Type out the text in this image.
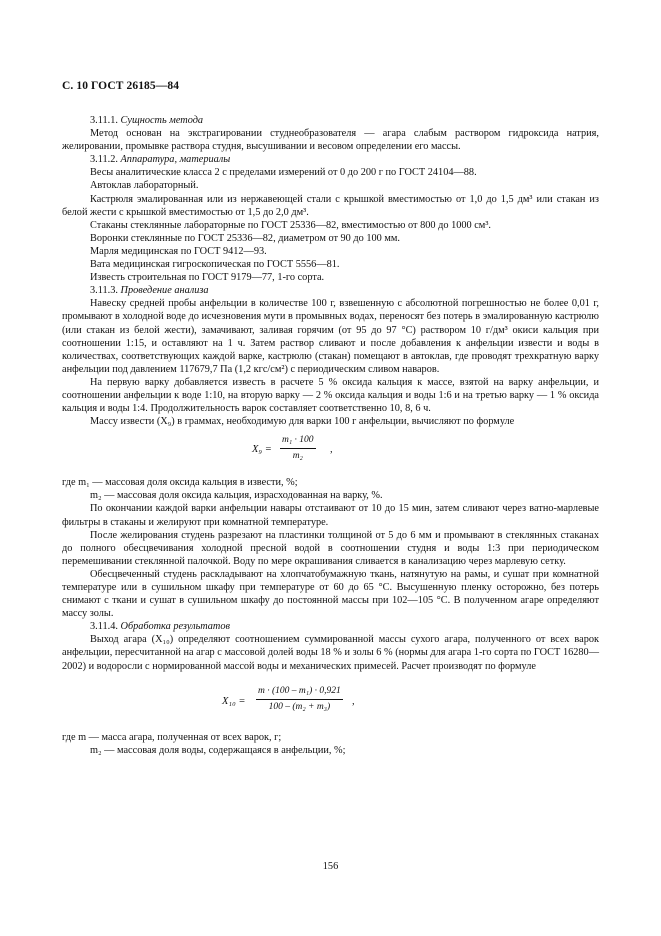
С. 10 ГОСТ 26185—84

3.11.1. Сущность метода

Метод основан на экстрагировании студнеобразователя — агара слабым раствором гидроксида натрия, желировании, промывке раствора студня, высушивании и весовом определении его массы.

3.11.2. Аппаратура, материалы

Весы аналитические класса 2 с пределами измерений от 0 до 200 г по ГОСТ 24104—88.

Автоклав лабораторный.

Кастрюля эмалированная или из нержавеющей стали с крышкой вместимостью от 1,0 до 1,5 дм³ или стакан из белой жести с крышкой вместимостью от 1,5 до 2,0 дм³.

Стаканы стеклянные лабораторные по ГОСТ 25336—82, вместимостью от 800 до 1000 см³.

Воронки стеклянные по ГОСТ 25336—82, диаметром от 90 до 100 мм.

Марля медицинская по ГОСТ 9412—93.

Вата медицинская гигроскопическая по ГОСТ 5556—81.

Известь строительная по ГОСТ 9179—77, 1-го сорта.

3.11.3. Проведение анализа

Навеску средней пробы анфельции в количестве 100 г, взвешенную с абсолютной погрешностью не более 0,01 г, промывают в холодной воде до исчезновения мути в промывных водах, переносят без потерь в эмалированную кастрюлю (или стакан из белой жести), замачивают, заливая горячим (от 95 до 97 °С) раствором 10 г/дм³ окиси кальция при соотношении 1:15, и оставляют на 1 ч. Затем раствор сливают и после добавления к анфельции извести и воды в количествах, соответствующих каждой варке, кастрюлю (стакан) помещают в автоклав, где проводят трехкратную варку анфельции под давлением 117679,7 Па (1,2 кгс/см²) с периодическим сливом наваров.

На первую варку добавляется известь в расчете 5 % оксида кальция к массе, взятой на варку анфельции, и соотношении анфельции к воде 1:10, на вторую варку — 2 % оксида кальция и воды 1:6 и на третью варку — 1 % оксида кальция и воды 1:4. Продолжительность варок составляет соответственно 10, 8, 6 ч.

Массу извести (X₉) в граммах, необходимую для варки 100 г анфельции, вычисляют по формуле

$X_9 = \frac{\text{m₁ · 100}}{\text{m₂}}$ ,

где m₁ — массовая доля оксида кальция в извести, %;

m₂ — массовая доля оксида кальция, израсходованная на варку, %.

По окончании каждой варки анфельции навары отстаивают от 10 до 15 мин, затем сливают через ватно-марлевые фильтры в стаканы и желируют при комнатной температуре.

После желирования студень разрезают на пластинки толщиной от 5 до 6 мм и промывают в стеклянных стаканах до полного обесцвечивания холодной пресной водой в соотношении студня и воды 1:3 при периодическом перемешивании стеклянной палочкой. Воду по мере окрашивания сливается в канализацию через марлевую сетку.

Обесцвеченный студень раскладывают на хлопчатобумажную ткань, натянутую на рамы, и сушат при комнатной температуре или в сушильном шкафу при температуре от 60 до 65 °С. Высушенную пленку осторожно, без потерь снимают с ткани и сушат в сушильном шкафу до постоянной массы при 102—105 °С. В полученном агаре определяют массу золы.

3.11.4. Обработка результатов

Выход агара (X₁₀) определяют соотношением суммированной массы сухого агара, полученного от всех варок анфельции, пересчитанной на агар с массовой долей воды 18 % и золы 6 % (нормы для агара 1-го сорта по ГОСТ 16280—2002) и водоросли с нормированной массой воды и механических примесей. Расчет производят по формуле

$X_{10} = \frac{\text{m · (100 – m₁) · 0,921}}{\text{100 – (m₂ + m₃)}}$ ,

где m — масса агара, полученная от всех варок, г;

m₂ — массовая доля воды, содержащаяся в анфельции, %;

156
